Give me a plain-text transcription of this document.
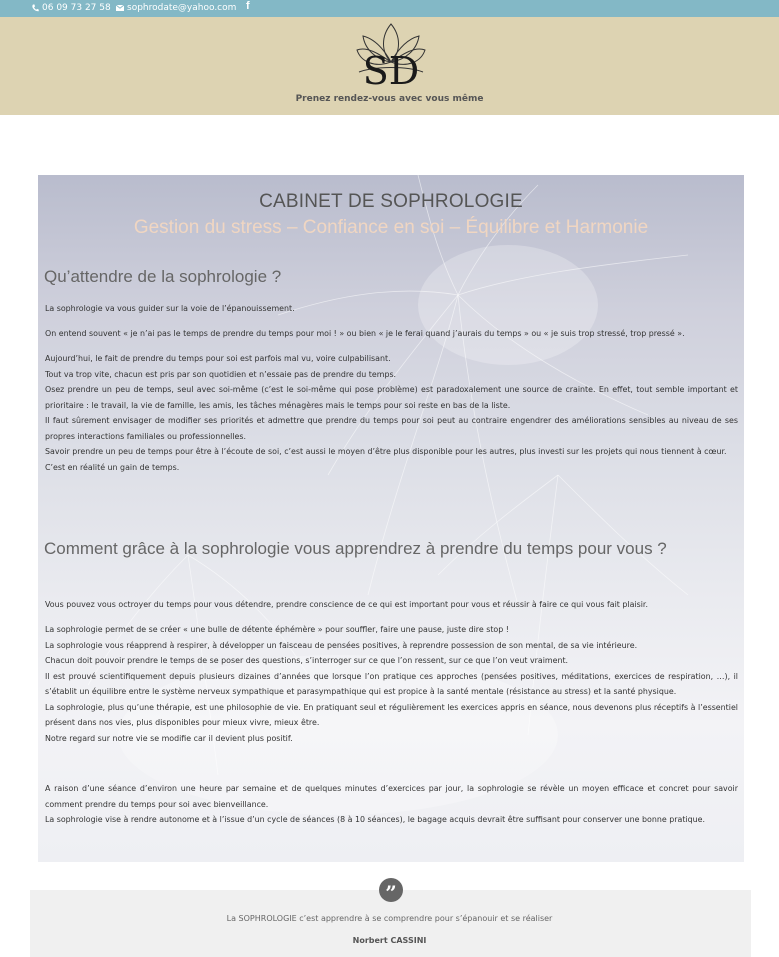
06 09 73 27 58	sophrodate@yahoo.com f
SD
Prenez rendez-vous avec vous même
CABINET DE SOPHROLOGIE
Gestion du stress – Confiance en soi – Équilibre et Harmonie
Qu’attendre de la sophrologie ?
La sophrologie va vous guider sur la voie de l’épanouissement.
On entend souvent « je n’ai pas le temps de prendre du temps pour moi ! » ou bien « je le ferai quand j’aurais du temps » ou « je suis trop stressé, trop pressé ».
Aujourd’hui, le fait de prendre du temps pour soi est parfois mal vu, voire culpabilisant.
Tout va trop vite, chacun est pris par son quotidien et n’essaie pas de prendre du temps.
Osez prendre un peu de temps, seul avec soi-même (c’est le soi-même qui pose problème) est paradoxalement une source de crainte. En effet, tout semble important et prioritaire : le travail, la vie de famille, les amis, les tâches ménagères mais le temps pour soi reste en bas de la liste.
Il faut sûrement envisager de modifier ses priorités et admettre que prendre du temps pour soi peut au contraire engendrer des améliorations sensibles au niveau de ses propres interactions familiales ou professionnelles.
Savoir prendre un peu de temps pour être à l’écoute de soi, c’est aussi le moyen d’être plus disponible pour les autres, plus investi sur les projets qui nous tiennent à cœur.
C’est en réalité un gain de temps.
Comment grâce à la sophrologie vous apprendrez à prendre du temps pour vous ?
Vous pouvez vous octroyer du temps pour vous détendre, prendre conscience de ce qui est important pour vous et réussir à faire ce qui vous fait plaisir.
La sophrologie permet de se créer « une bulle de détente éphémère » pour souffler, faire une pause, juste dire stop !
La sophrologie vous réapprend à respirer, à développer un faisceau de pensées positives, à reprendre possession de son mental, de sa vie intérieure.
Chacun doit pouvoir prendre le temps de se poser des questions, s’interroger sur ce que l’on ressent, sur ce que l’on veut vraiment.
Il est prouvé scientifiquement depuis plusieurs dizaines d’années que lorsque l’on pratique ces approches (pensées positives, méditations, exercices de respiration, …), il s’établit un équilibre entre le système nerveux sympathique et parasympathique qui est propice à la santé mentale (résistance au stress) et la santé physique.
La sophrologie, plus qu’une thérapie, est une philosophie de vie. En pratiquant seul et régulièrement les exercices appris en séance, nous devenons plus réceptifs à l’essentiel présent dans nos vies, plus disponibles pour mieux vivre, mieux être.
Notre regard sur notre vie se modifie car il devient plus positif.
A raison d’une séance d’environ une heure par semaine et de quelques minutes d’exercices par jour, la sophrologie se révèle un moyen efficace et concret pour savoir comment prendre du temps pour soi avec bienveillance.
La sophrologie vise à rendre autonome et à l’issue d’un cycle de séances (8 à 10 séances), le bagage acquis devrait être suffisant pour conserver une bonne pratique.
”
La SOPHROLOGIE c’est apprendre à se comprendre pour s’épanouir et se réaliser
Norbert CASSINI
